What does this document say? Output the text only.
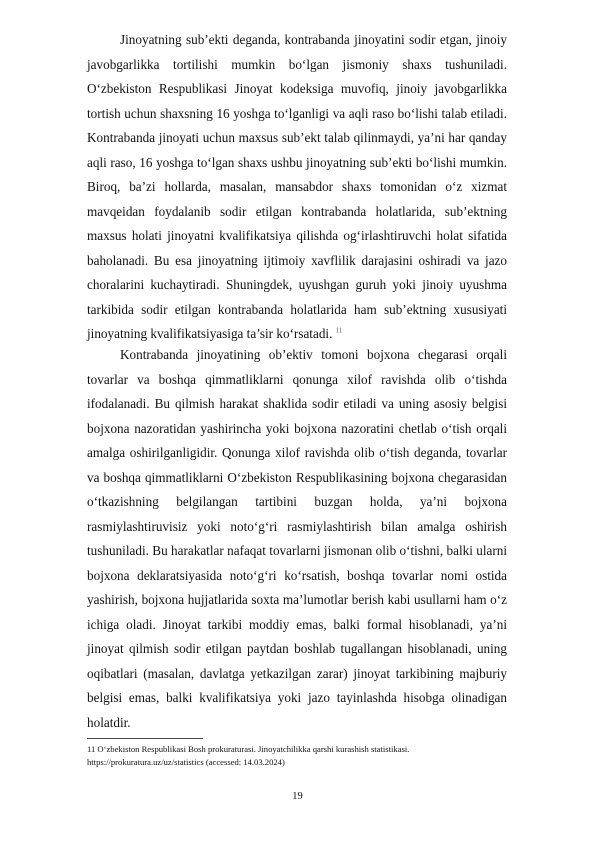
Jinoyatning sub’ekti deganda, kontrabanda jinoyatini sodir etgan, jinoiy javobgarlikka tortilishi mumkin bo‘lgan jismoniy shaxs tushuniladi. O‘zbekiston Respublikasi Jinoyat kodeksiga muvofiq, jinoiy javobgarlikka tortish uchun shaxsning 16 yoshga to‘lganligi va aqli raso bo‘lishi talab etiladi. Kontrabanda jinoyati uchun maxsus sub’ekt talab qilinmaydi, ya’ni har qanday aqli raso, 16 yoshga to‘lgan shaxs ushbu jinoyatning sub’ekti bo‘lishi mumkin. Biroq, ba’zi hollarda, masalan, mansabdor shaxs tomonidan o‘z xizmat mavqeidan foydalanib sodir etilgan kontrabanda holatlarida, sub’ektning maxsus holati jinoyatni kvalifikatsiya qilishda og‘irlashtiruvchi holat sifatida baholanadi. Bu esa jinoyatning ijtimoiy xavflilik darajasini oshiradi va jazo choralarini kuchaytiradi. Shuningdek, uyushgan guruh yoki jinoiy uyushma tarkibida sodir etilgan kontrabanda holatlarida ham sub’ektning xususiyati jinoyatning kvalifikatsiyasiga ta’sir ko‘rsatadi. $^{11}$

Kontrabanda jinoyatining ob’ektiv tomoni bojxona chegarasi orqali tovarlar va boshqa qimmatliklarni qonunga xilof ravishda olib o‘tishda ifodalanadi. Bu qilmish harakat shaklida sodir etiladi va uning asosiy belgisi bojxona nazoratidan yashirincha yoki bojxona nazoratini chetlab o‘tish orqali amalga oshirilganligidir. Qonunga xilof ravishda olib o‘tish deganda, tovarlar va boshqa qimmatliklarni O‘zbekiston Respublikasining bojxona chegarasidan o‘tkazishning belgilangan tartibini buzgan holda, ya’ni bojxona rasmiylashtiruvisiz yoki noto‘g‘ri rasmiylashtirish bilan amalga oshirish tushuniladi. Bu harakatlar nafaqat tovarlarni jismonan olib o‘tishni, balki ularni bojxona deklaratsiyasida noto‘g‘ri ko‘rsatish, boshqa tovarlar nomi ostida yashirish, bojxona hujjatlarida soxta ma’lumotlar berish kabi usullarni ham o‘z ichiga oladi. Jinoyat tarkibi moddiy emas, balki formal hisoblanadi, ya’ni jinoyat qilmish sodir etilgan paytdan boshlab tugallangan hisoblanadi, uning oqibatlari (masalan, davlatga yetkazilgan zarar) jinoyat tarkibining majburiy belgisi emas, balki kvalifikatsiya yoki jazo tayinlashda hisobga olinadigan holatdir.

11 O‘zbekiston Respublikasi Bosh prokuraturasi. Jinoyatchilikka qarshi kurashish statistikasi.
https://prokuratura.uz/uz/statistics (accessed: 14.03.2024)
19
